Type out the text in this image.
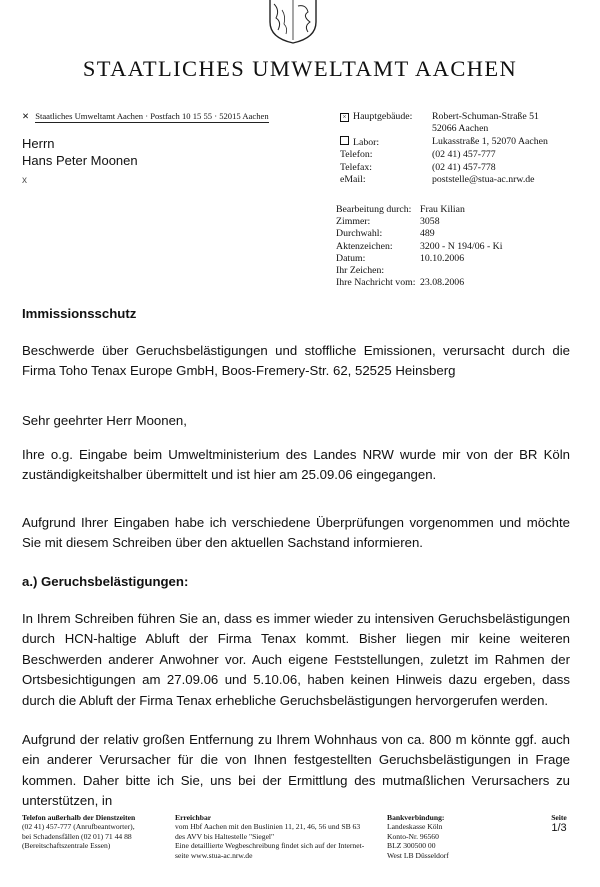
STAATLICHES UMWELTAMT AACHEN
✕ Staatliches Umweltamt Aachen · Postfach 10 15 55 · 52015 Aachen
Herrn
Hans Peter Moonen
x
× Hauptgebäude:	Robert-Schuman-Straße 51
52066 Aachen
Labor:	Lukasstraße 1, 52070 Aachen
Telefon:	(02 41) 457-777
Telefax:	(02 41) 457-778
eMail:	poststelle@stua-ac.nrw.de
Bearbeitung durch: Frau Kilian
Zimmer:	3058
Durchwahl:	489
Aktenzeichen:	3200 - N 194/06 - Ki
Datum:	10.10.2006
Ihr Zeichen:
Ihre Nachricht vom: 23.08.2006
Immissionsschutz
Beschwerde über Geruchsbelästigungen und stoffliche Emissionen, verursacht durch die Firma Toho Tenax Europe GmbH, Boos-Fremery-Str. 62, 52525 Heinsberg
Sehr geehrter Herr Moonen,
Ihre o.g. Eingabe beim Umweltministerium des Landes NRW wurde mir von der BR Köln zuständigkeitshalber übermittelt und ist hier am 25.09.06 eingegangen.
Aufgrund Ihrer Eingaben habe ich verschiedene Überprüfungen vorgenommen und möchte Sie mit diesem Schreiben über den aktuellen Sachstand informieren.
a.) Geruchsbelästigungen:
In Ihrem Schreiben führen Sie an, dass es immer wieder zu intensiven Geruchsbelästigungen durch HCN-haltige Abluft der Firma Tenax kommt. Bisher liegen mir keine weiteren Beschwerden anderer Anwohner vor. Auch eigene Feststellungen, zuletzt im Rahmen der Ortsbesichtigungen am 27.09.06 und 5.10.06, haben keinen Hinweis dazu ergeben, dass durch die Abluft der Firma Tenax erhebliche Geruchsbelästigungen hervorgerufen werden.
Aufgrund der relativ großen Entfernung zu Ihrem Wohnhaus von ca. 800 m könnte ggf. auch ein anderer Verursacher für die von Ihnen festgestellten Geruchsbelästigungen in Frage kommen. Daher bitte ich Sie, uns bei der Ermittlung des mutmaßlichen Verursachers zu unterstützen, in
Telefon außerhalb der Dienstzeiten
(02 41) 457-777 (Anrufbeantworter),
bei Schadensfällen (02 01) 71 44 88
(Bereitschaftszentrale Essen)
Erreichbar
vom Hbf Aachen mit den Buslinien 11, 21, 46, 56 und SB 63
des AVV bis Haltestelle "Siegel"
Eine detaillierte Wegbeschreibung findet sich auf der Internet-
seite www.stua-ac.nrw.de
Bankverbindung:
Landeskasse Köln
Konto-Nr. 96560
BLZ 300500 00
West LB Düsseldorf
Seite
1/3
